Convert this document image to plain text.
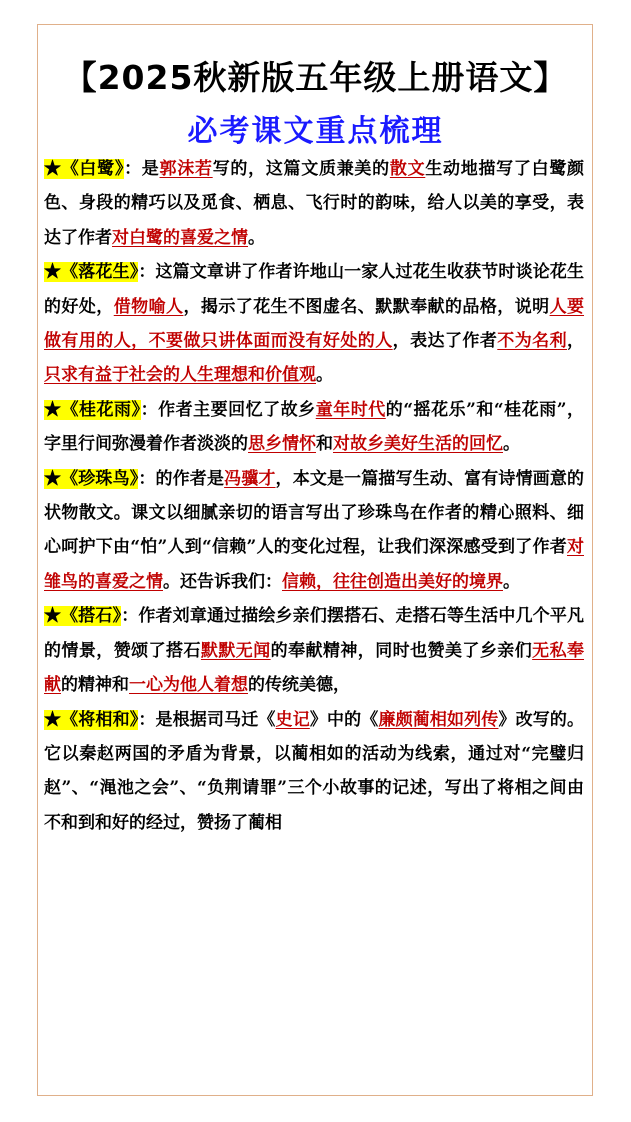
【2025秋新版五年级上册语文】
必考课文重点梳理

★《白鹭》：是郭沫若写的，这篇文质兼美的散文生动地描写了白鹭颜色、身段的精巧以及觅食、栖息、飞行时的韵味，给人以美的享受，表达了作者对白鹭的喜爱之情。

★《落花生》：这篇文章讲了作者许地山一家人过花生收获节时谈论花生的好处，借物喻人，揭示了花生不图虚名、默默奉献的品格，说明人要做有用的人，不要做只讲体面而没有好处的人，表达了作者不为名利，只求有益于社会的人生理想和价值观。

★《桂花雨》：作者主要回忆了故乡童年时代的“摇花乐”和“桂花雨”，字里行间弥漫着作者淡淡的思乡情怀和对故乡美好生活的回忆。

★《珍珠鸟》：的作者是冯骥才，本文是一篇描写生动、富有诗情画意的状物散文。课文以细腻亲切的语言写出了珍珠鸟在作者的精心照料、细心呵护下由“怕”人到“信赖”人的变化过程，让我们深深感受到了作者对雏鸟的喜爱之情。还告诉我们：信赖，往往创造出美好的境界。

★《搭石》：作者刘章通过描绘乡亲们摆搭石、走搭石等生活中几个平凡的情景，赞颂了搭石默默无闻的奉献精神，同时也赞美了乡亲们无私奉献的精神和一心为他人着想的传统美德，

★《将相和》：是根据司马迁《史记》中的《廉颇蔺相如列传》改写的。它以秦赵两国的矛盾为背景，以蔺相如的活动为线索，通过对“完璧归赵”、“渑池之会”、“负荆请罪”三个小故事的记述，写出了将相之间由不和到和好的经过，赞扬了蔺相
